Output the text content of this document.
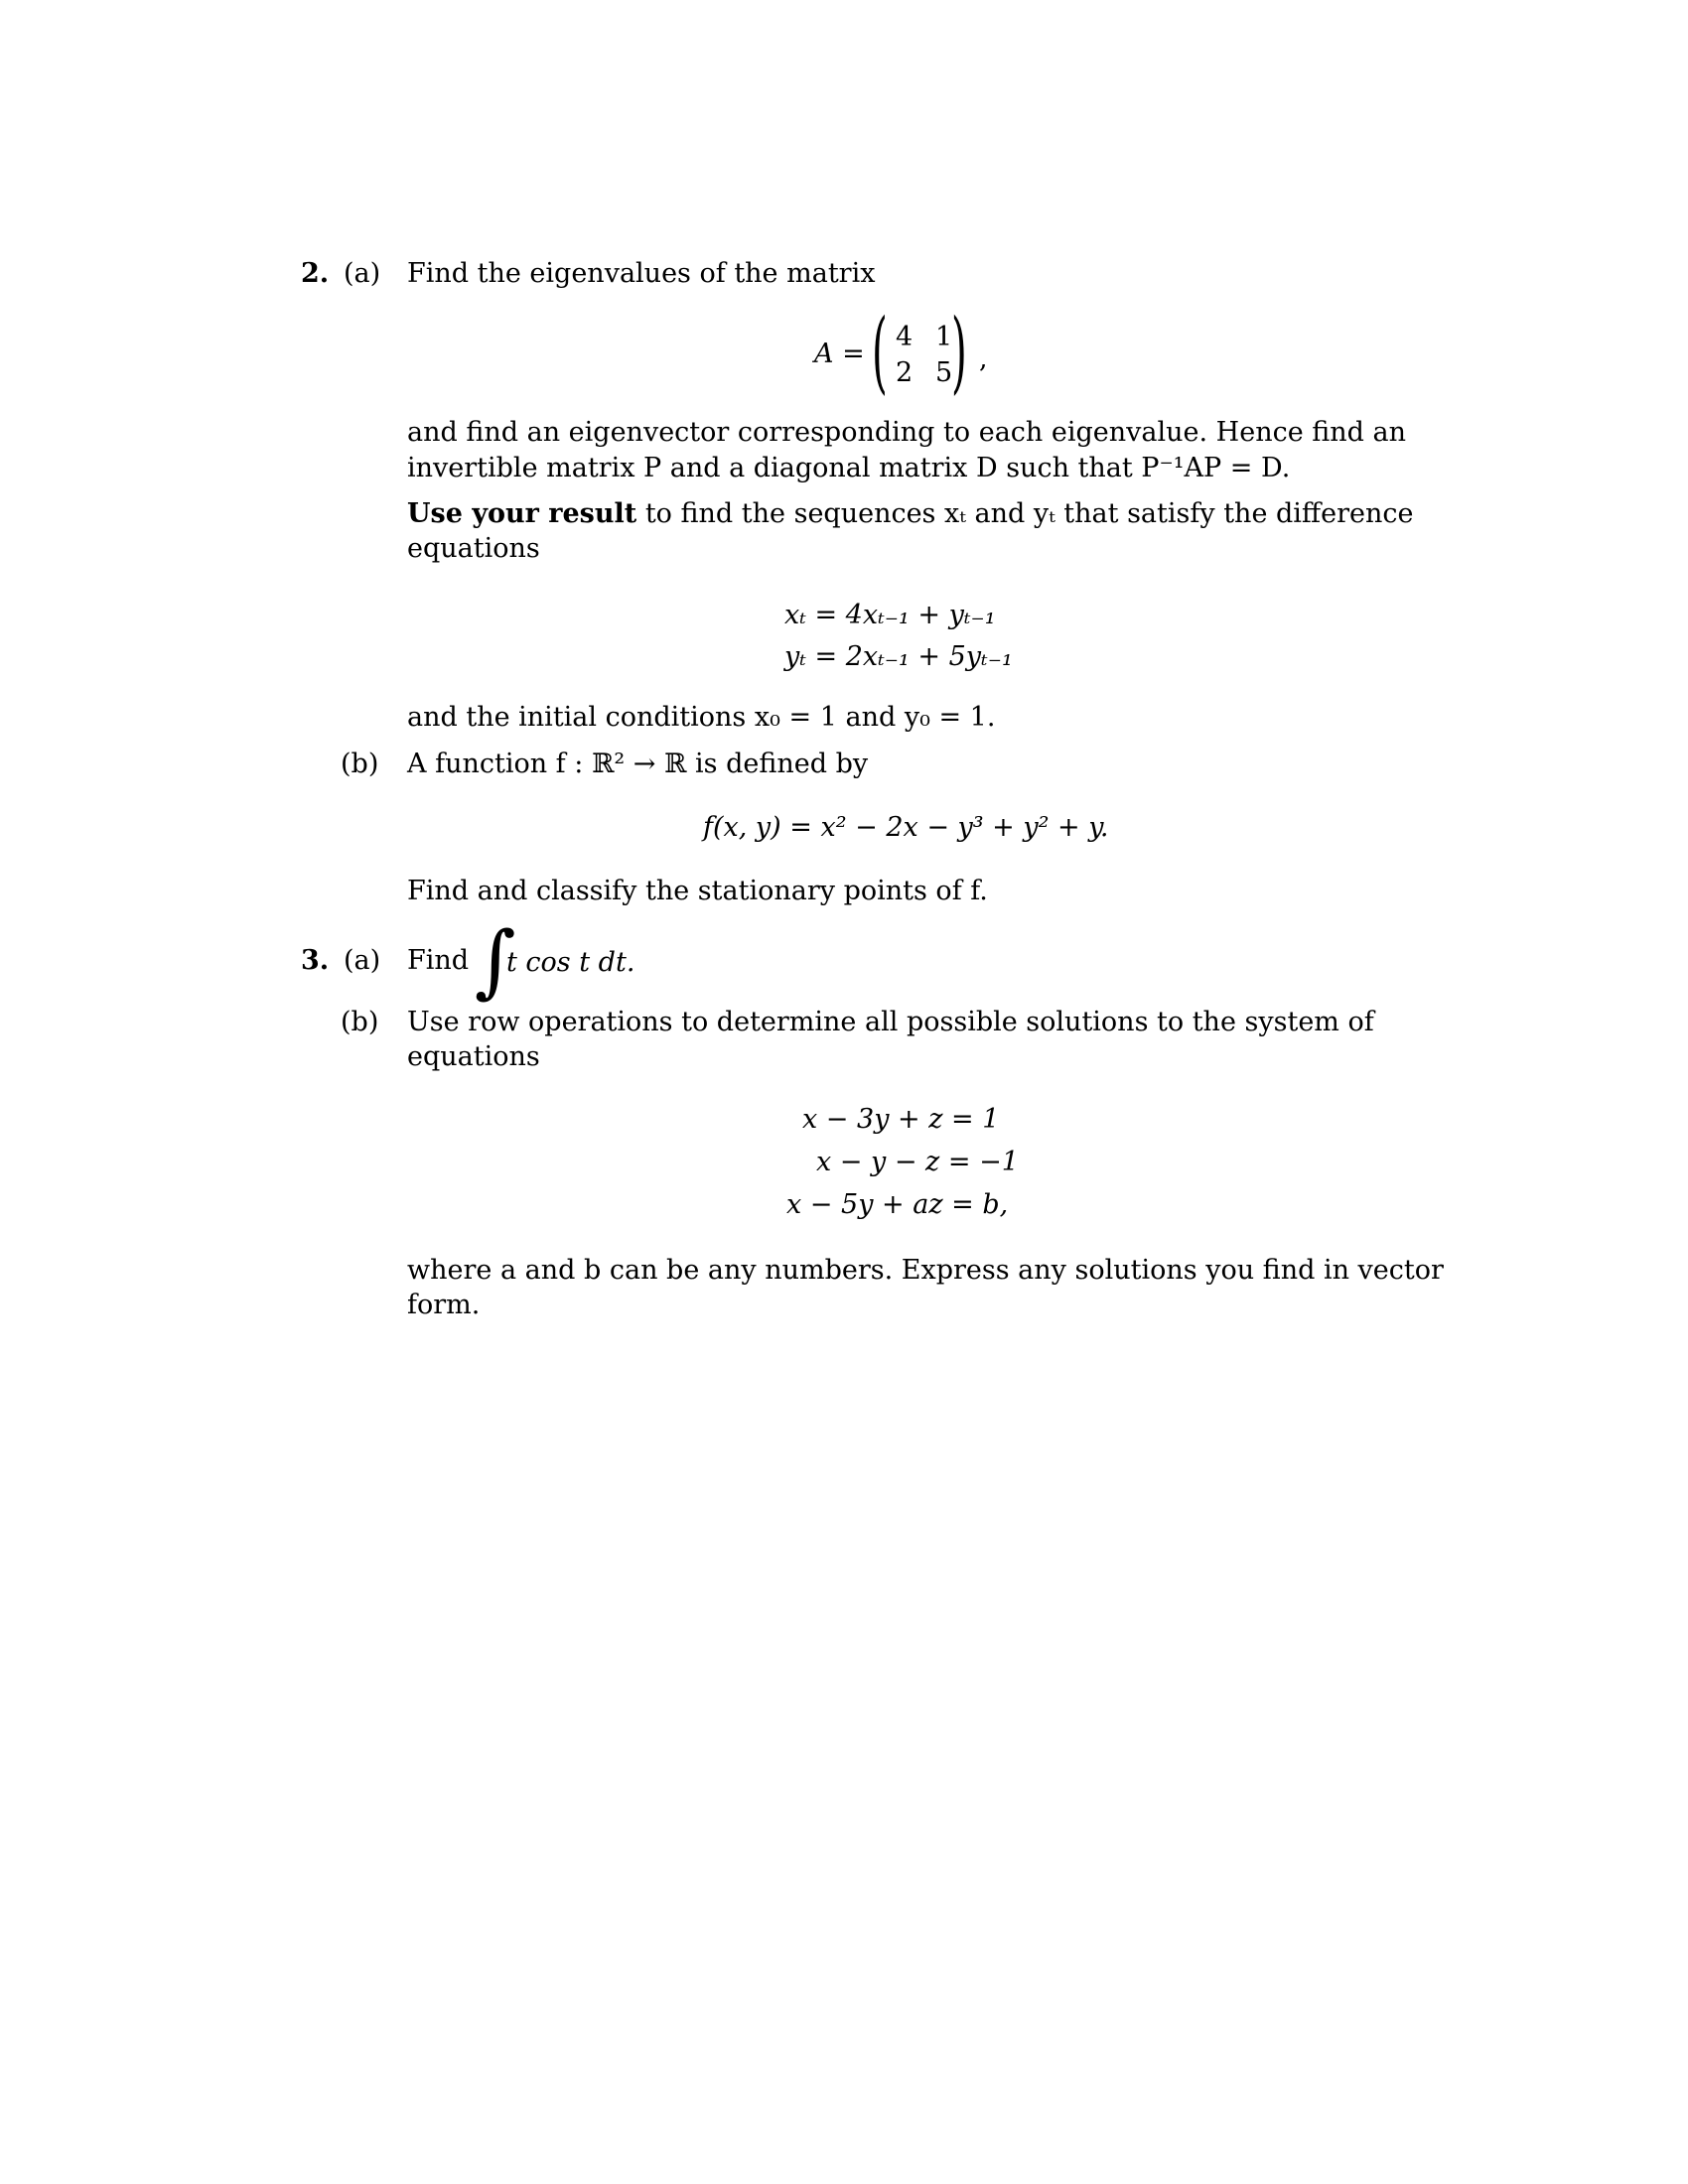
2. (a) Find the eigenvalues of the matrix
A = ( 4 1
2 5
) ,
and find an eigenvector corresponding to each eigenvalue. Hence find an
invertible matrix P and a diagonal matrix D such that P⁻¹AP = D.
Use your result to find the sequences xₜ and yₜ that satisfy the difference
equations
xₜ = 4xₜ₋₁ + yₜ₋₁
yₜ = 2xₜ₋₁ + 5yₜ₋₁
and the initial conditions x₀ = 1 and y₀ = 1.
(b) A function f : ℝ² → ℝ is defined by
f(x, y) = x² − 2x − y³ + y² + y.
Find and classify the stationary points of f.
3. (a) Find ∫
t cos t dt.
(b) Use row operations to determine all possible solutions to the system of
equations
x − 3y + z = 1
x − y − z = −1
x − 5y + az = b,
where a and b can be any numbers. Express any solutions you find in vector
form.
